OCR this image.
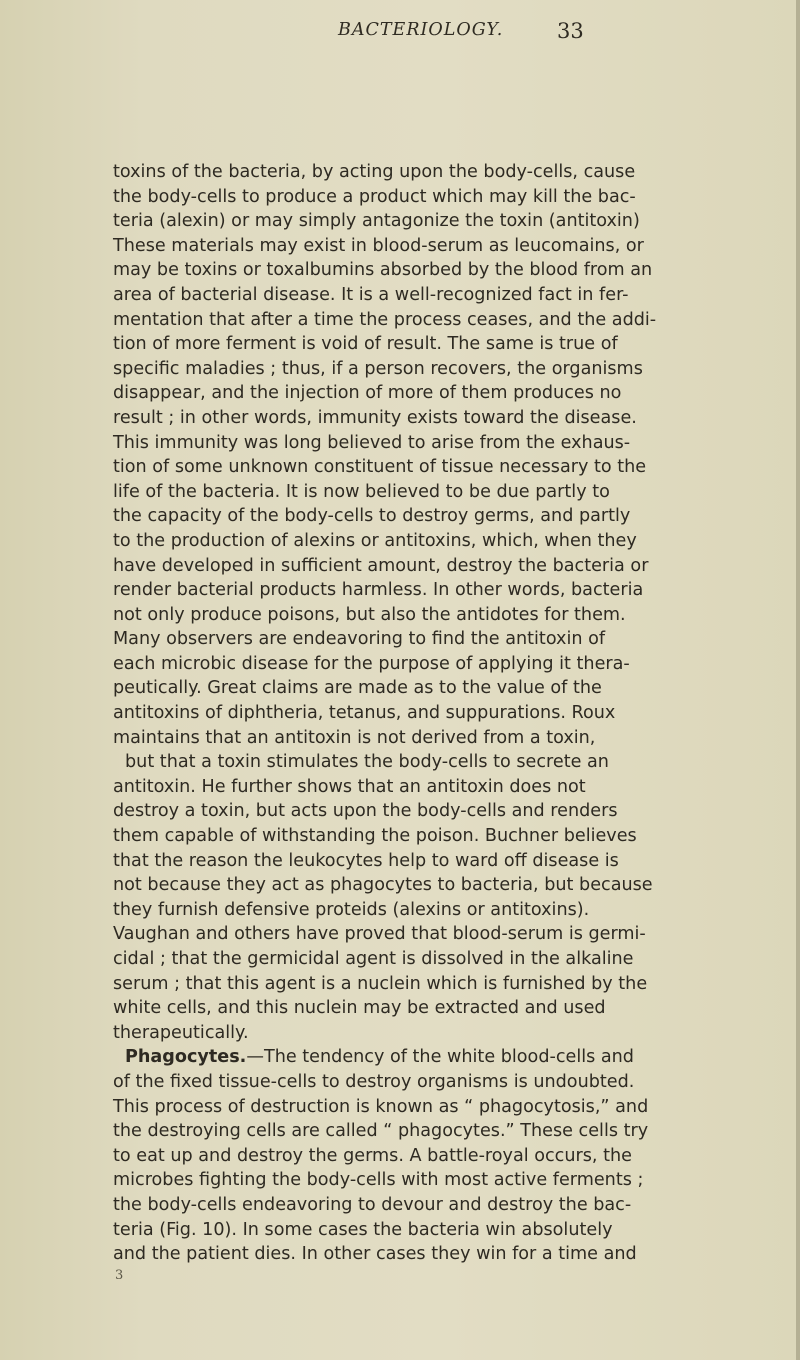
BACTERIOLOGY.	33
toxins of the bacteria, by acting upon the body-cells, cause
the body-cells to produce a product which may kill the bac-
teria (alexin) or may simply antagonize the toxin (antitoxin)
These materials may exist in blood-serum as leucomains, or
may be toxins or toxalbumins absorbed by the blood from an
area of bacterial disease. It is a well-recognized fact in fer-
mentation that after a time the process ceases, and the addi-
tion of more ferment is void of result. The same is true of
specific maladies ; thus, if a person recovers, the organisms
disappear, and the injection of more of them produces no
result ; in other words, immunity exists toward the disease.
This immunity was long believed to arise from the exhaus-
tion of some unknown constituent of tissue necessary to the
life of the bacteria. It is now believed to be due partly to
the capacity of the body-cells to destroy germs, and partly
to the production of alexins or antitoxins, which, when they
have developed in sufficient amount, destroy the bacteria or
render bacterial products harmless. In other words, bacteria
not only produce poisons, but also the antidotes for them.
Many observers are endeavoring to find the antitoxin of
each microbic disease for the purpose of applying it thera-
peutically. Great claims are made as to the value of the
antitoxins of diphtheria, tetanus, and suppurations. Roux
maintains that an antitoxin is not derived from a toxin,
but that a toxin stimulates the body-cells to secrete an
antitoxin. He further shows that an antitoxin does not
destroy a toxin, but acts upon the body-cells and renders
them capable of withstanding the poison. Buchner believes
that the reason the leukocytes help to ward off disease is
not because they act as phagocytes to bacteria, but because
they furnish defensive proteids (alexins or antitoxins).
Vaughan and others have proved that blood-serum is germi-
cidal ; that the germicidal agent is dissolved in the alkaline
serum ; that this agent is a nuclein which is furnished by the
white cells, and this nuclein may be extracted and used
therapeutically.
Phagocytes.—The tendency of the white blood-cells and
of the fixed tissue-cells to destroy organisms is undoubted.
This process of destruction is known as “ phagocytosis,” and
the destroying cells are called “ phagocytes.” These cells try
to eat up and destroy the germs. A battle-royal occurs, the
microbes fighting the body-cells with most active ferments ;
the body-cells endeavoring to devour and destroy the bac-
teria (Fig. 10). In some cases the bacteria win absolutely
and the patient dies. In other cases they win for a time and
3
